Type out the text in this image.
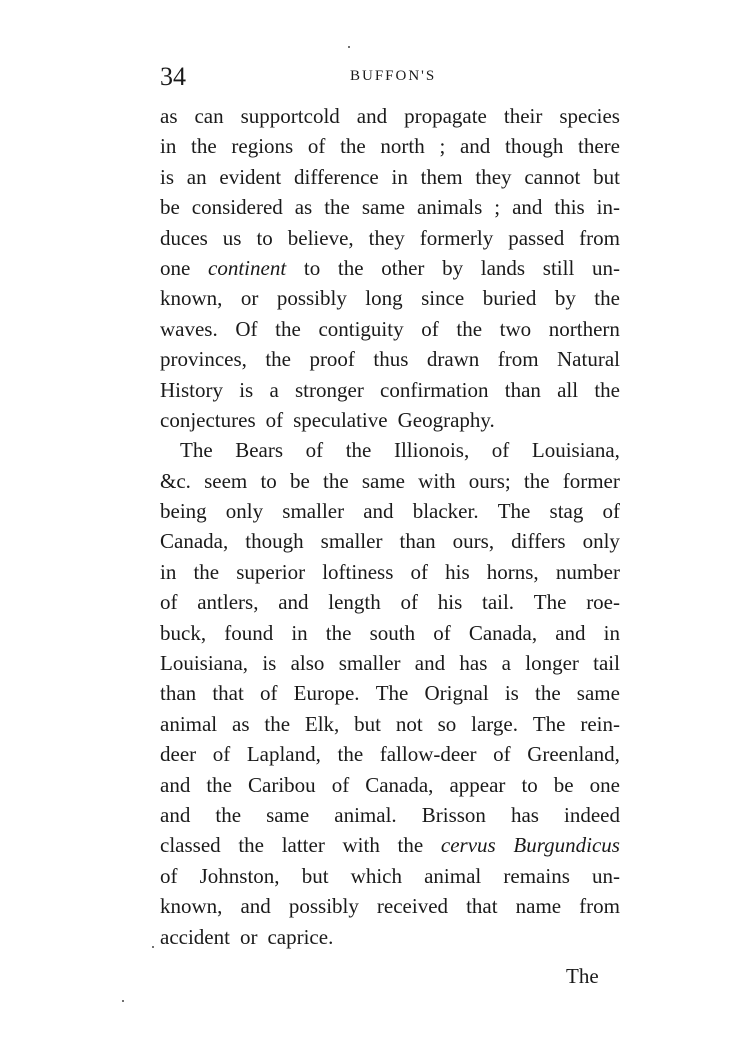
34	BUFFON'S
as can supportcold and propagate their species
in the regions of the north ; and though there
is an evident difference in them they cannot but
be considered as the same animals ; and this in-
duces us to believe, they formerly passed from
one continent to the other by lands still un-
known, or possibly long since buried by the
waves. Of the contiguity of the two northern
provinces, the proof thus drawn from Natural
History is a stronger confirmation than all the
conjectures of speculative Geography.
The Bears of the Illionois, of Louisiana,
&c. seem to be the same with ours; the former
being only smaller and blacker. The stag of
Canada, though smaller than ours, differs only
in the superior loftiness of his horns, number
of antlers, and length of his tail. The roe-
buck, found in the south of Canada, and in
Louisiana, is also smaller and has a longer tail
than that of Europe. The Orignal is the same
animal as the Elk, but not so large. The rein-
deer of Lapland, the fallow-deer of Greenland,
and the Caribou of Canada, appear to be one
and the same animal. Brisson has indeed
classed the latter with the cervus Burgundicus
of Johnston, but which animal remains un-
known, and possibly received that name from
accident or caprice.
The
